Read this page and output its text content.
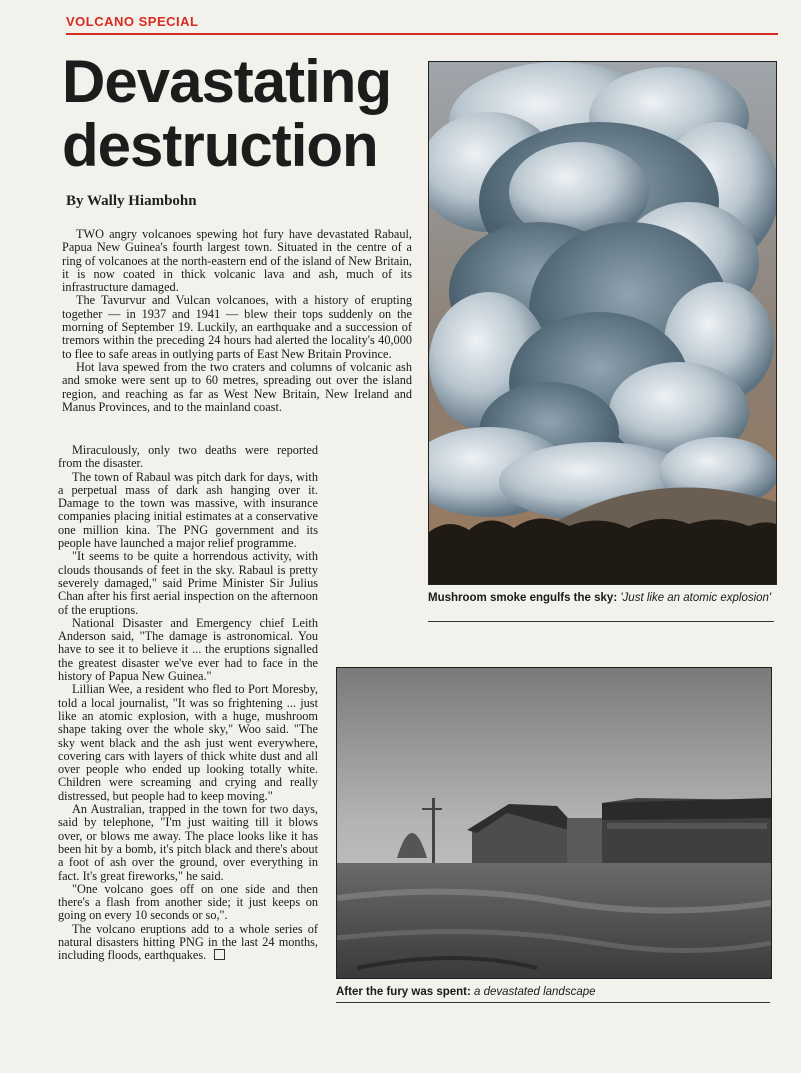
VOLCANO SPECIAL
Devastating
destruction
By Wally Hiambohn

TWO angry volcanoes spewing hot fury have devastated Rabaul, Papua New Guinea's fourth largest town. Situated in the centre of a ring of volcanoes at the north-eastern end of the island of New Britain, it is now coated in thick volcanic lava and ash, much of its infrastructure damaged.

The Tavurvur and Vulcan volcanoes, with a history of erupting together — in 1937 and 1941 — blew their tops suddenly on the morning of September 19. Luckily, an earthquake and a succession of tremors within the preceding 24 hours had alerted the locality's 40,000 to flee to safe areas in outlying parts of East New Britain Province.

Hot lava spewed from the two craters and columns of volcanic ash and smoke were sent up to 60 metres, spreading out over the island region, and reaching as far as West New Britain, New Ireland and Manus Provinces, and to the mainland coast.

Miraculously, only two deaths were reported from the disaster.

The town of Rabaul was pitch dark for days, with a perpetual mass of dark ash hanging over it. Damage to the town was massive, with insurance companies placing initial estimates at a conservative one million kina. The PNG government and its people have launched a major relief programme.

"It seems to be quite a horrendous activity, with clouds thousands of feet in the sky. Rabaul is pretty severely damaged," said Prime Minister Sir Julius Chan after his first aerial inspection on the afternoon of the eruptions.

National Disaster and Emergency chief Leith Anderson said, "The damage is astronomical. You have to see it to believe it ... the eruptions signalled the greatest disaster we've ever had to face in the history of Papua New Guinea."

Lillian Wee, a resident who fled to Port Moresby, told a local journalist, "It was so frightening ... just like an atomic explosion, with a huge, mushroom shape taking over the whole sky," Woo said. "The sky went black and the ash just went everywhere, covering cars with layers of thick white dust and all over people who ended up looking totally white. Children were screaming and crying and really distressed, but people had to keep moving."

An Australian, trapped in the town for two days, said by telephone, "I'm just waiting till it blows over, or blows me away. The place looks like it has been hit by a bomb, it's pitch black and there's about a foot of ash over the ground, over everything in fact. It's great fireworks," he said.

"One volcano goes off on one side and then there's a flash from another side; it just keeps on going on every 10 seconds or so,".

The volcano eruptions add to a whole series of natural disasters hitting PNG in the last 24 months, including floods, earthquakes.

Mushroom smoke engulfs the sky: 'Just like an atomic explosion'
After the fury was spent: a devastated landscape
